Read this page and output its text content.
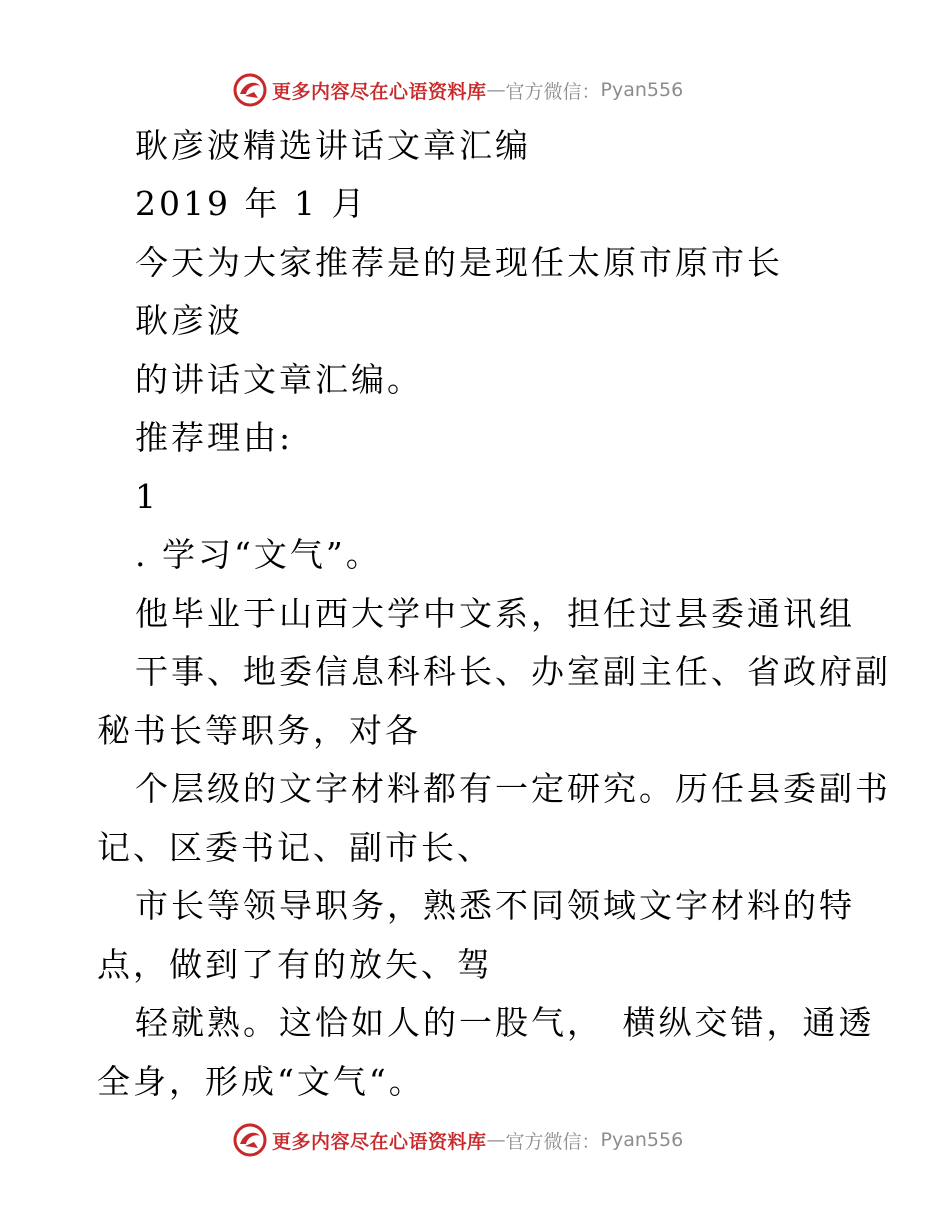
更多内容尽在心语资料库 — 官方微信： Pyan556
耿彦波精选讲话文章汇编
2019 年 1 月
今天为大家推荐是的是现任太原市原市长
耿彦波
的讲话文章汇编。
推荐理由:
1
. 学习“文气”。
他毕业于山西大学中文系，担任过县委通讯组
干事、地委信息科科长、办室副主任、省政府副
秘书长等职务，对各
个层级的文字材料都有一定研究。历任县委副书
记、区委书记、副市长、
市长等领导职务，熟悉不同领域文字材料的特
点，做到了有的放矢、驾
轻就熟。这恰如人的一股气，　横纵交错，通透
全身，形成“文气“。
更多内容尽在心语资料库 — 官方微信： Pyan556
